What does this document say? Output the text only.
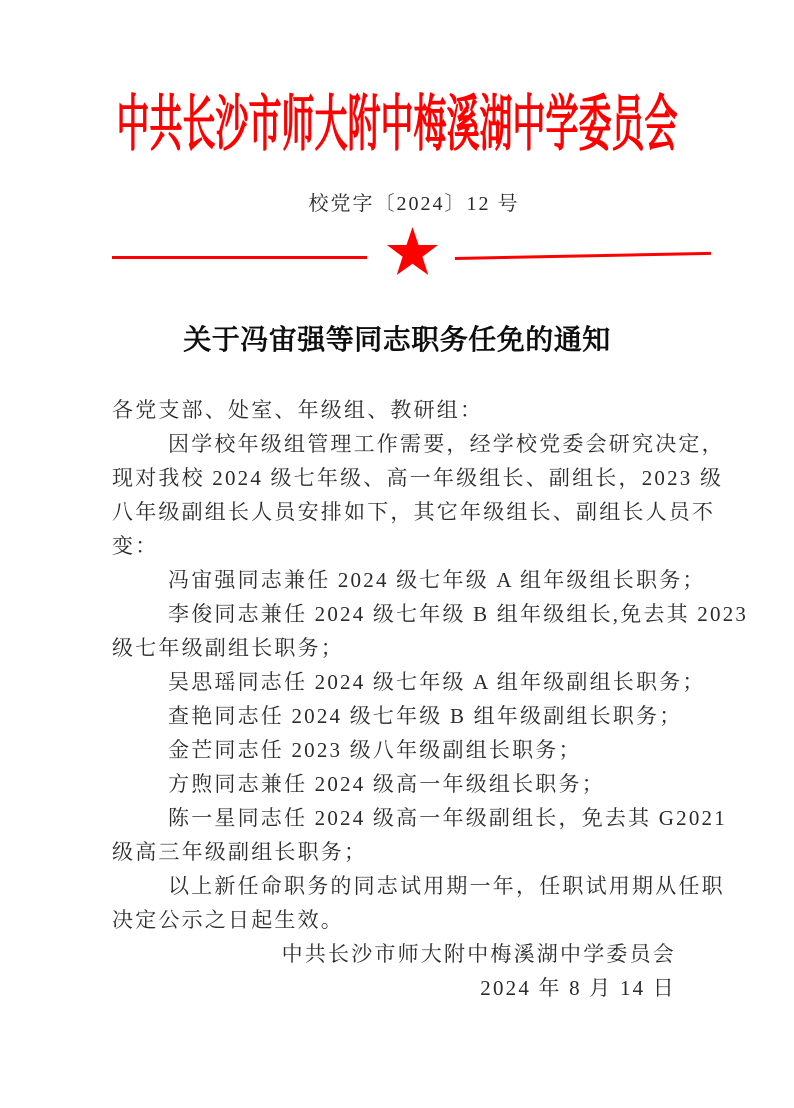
中共长沙市师大附中梅溪湖中学委员会
校党字〔2024〕12 号
关于冯宙强等同志职务任免的通知
各党支部、处室、年级组、教研组：
因学校年级组管理工作需要，经学校党委会研究决定，
现对我校 2024 级七年级、高一年级组长、副组长，2023 级
八年级副组长人员安排如下，其它年级组长、副组长人员不
变：
冯宙强同志兼任 2024 级七年级 A 组年级组长职务；
李俊同志兼任 2024 级七年级 B 组年级组长,免去其 2023
级七年级副组长职务；
吴思瑶同志任 2024 级七年级 A 组年级副组长职务；
查艳同志任 2024 级七年级 B 组年级副组长职务；
金芒同志任 2023 级八年级副组长职务；
方煦同志兼任 2024 级高一年级组长职务；
陈一星同志任 2024 级高一年级副组长，免去其 G2021
级高三年级副组长职务；
以上新任命职务的同志试用期一年，任职试用期从任职
决定公示之日起生效。
中共长沙市师大附中梅溪湖中学委员会
2024 年 8 月 14 日
